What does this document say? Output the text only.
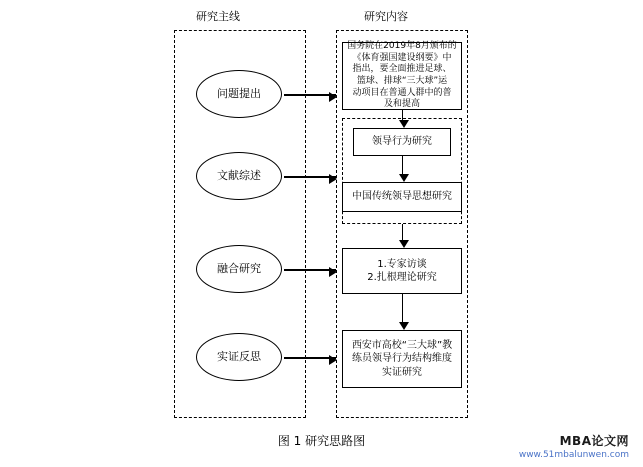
研究主线	研究内容
问题提出
文献综述
融合研究
实证反思
国务院在2019年8月颁布的
《体育强国建设纲要》中
指出，要全面推进足球、
篮球、排球“三大球”运
动项目在普通人群中的普
及和提高
领导行为研究
中国传统领导思想研究
1.专家访谈
2.扎根理论研究
西安市高校“三大球”教
练员领导行为结构维度
实证研究
图 1 研究思路图	MBA论文网
www.51mbalunwen.com
